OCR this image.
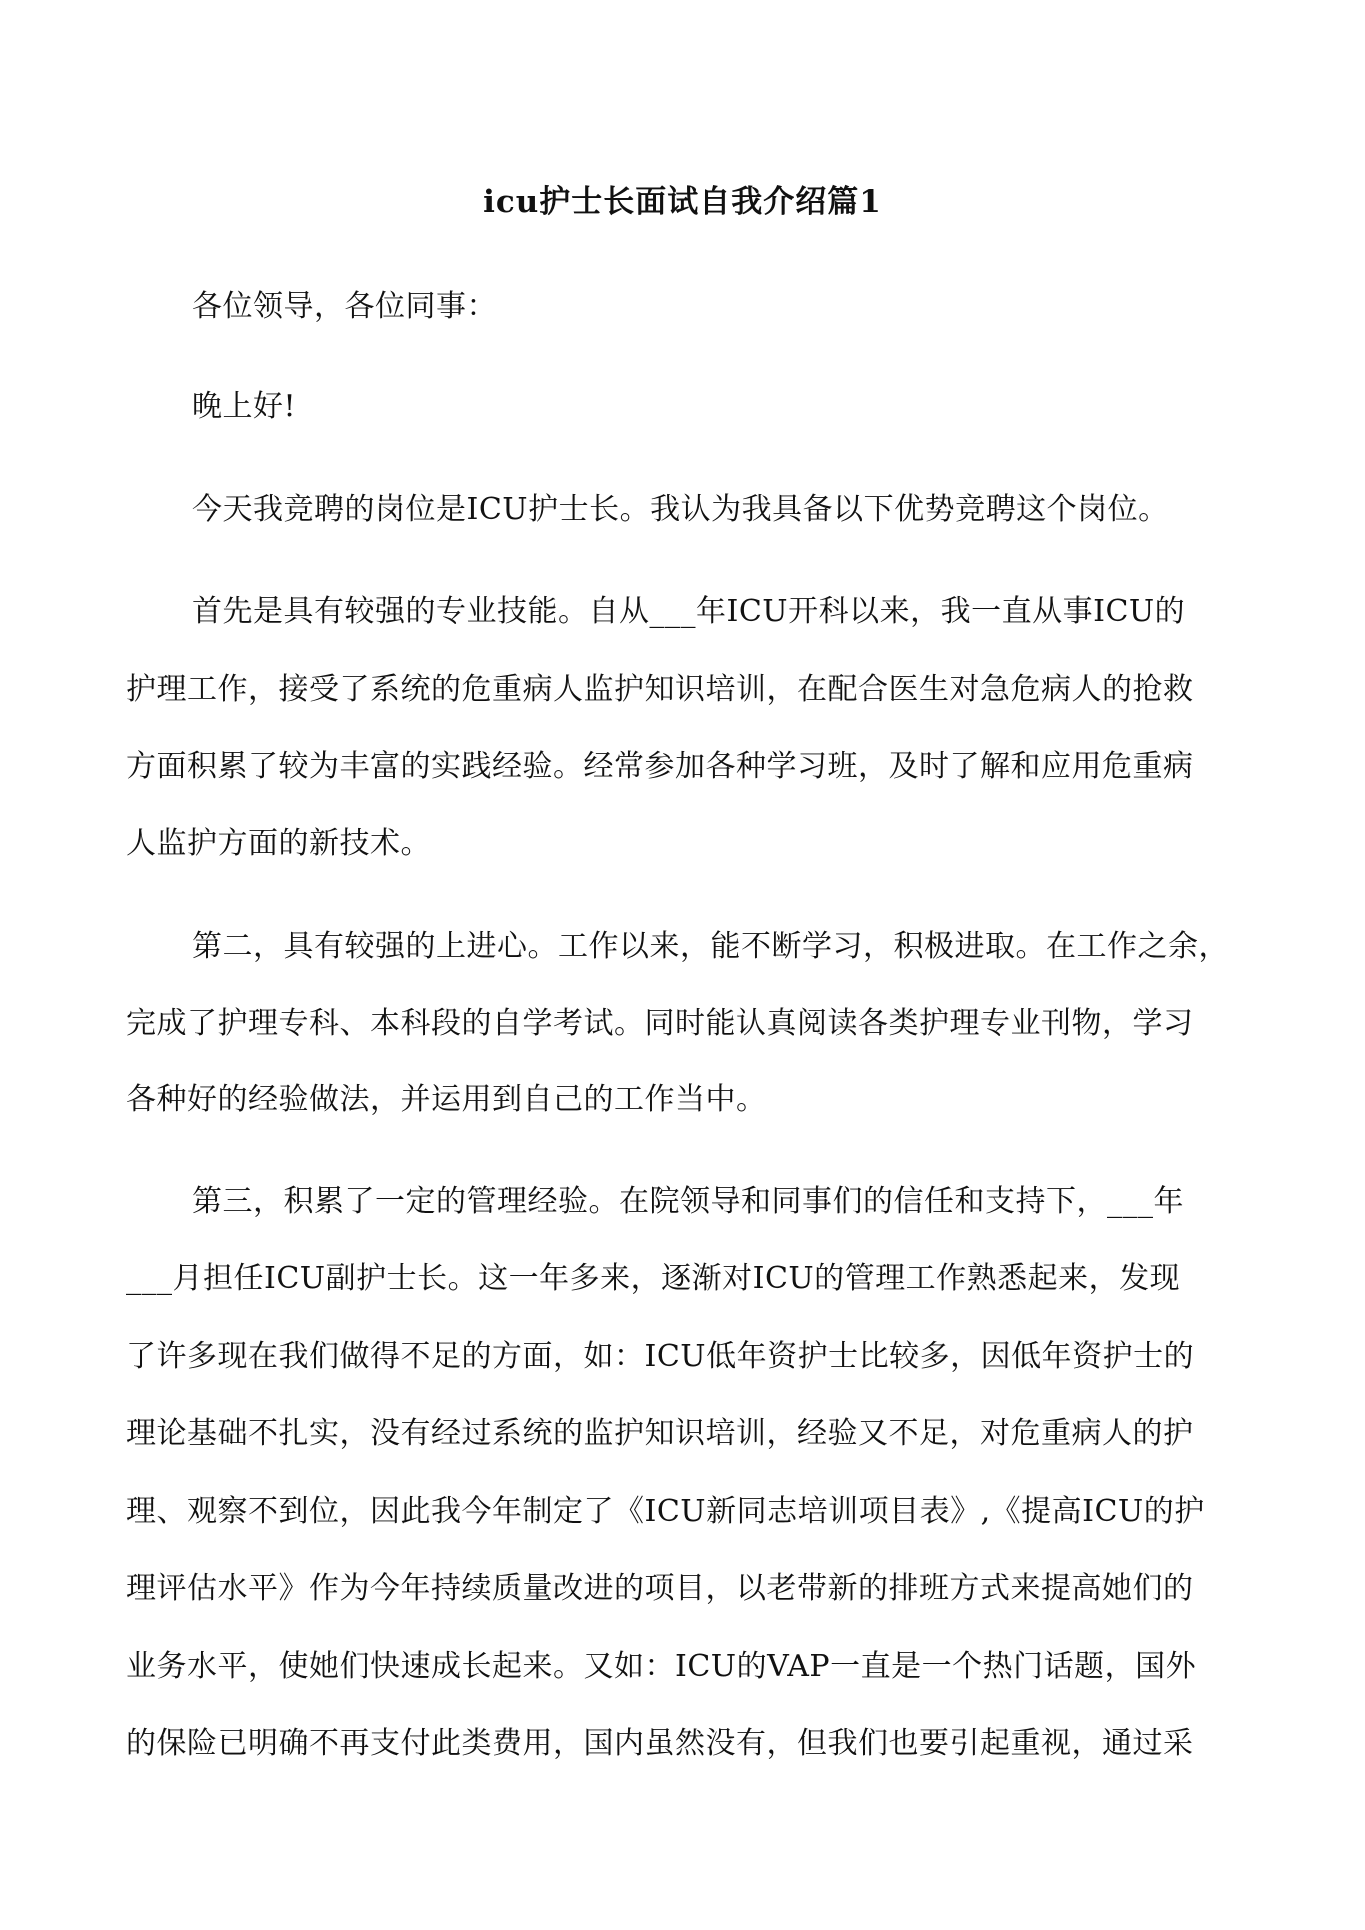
icu护士长面试自我介绍篇1
各位领导，各位同事：
晚上好!
今天我竞聘的岗位是ICU护士长。我认为我具备以下优势竞聘这个岗位。
首先是具有较强的专业技能。自从___年ICU开科以来，我一直从事ICU的
护理工作，接受了系统的危重病人监护知识培训，在配合医生对急危病人的抢救
方面积累了较为丰富的实践经验。经常参加各种学习班，及时了解和应用危重病
人监护方面的新技术。
第二，具有较强的上进心。工作以来，能不断学习，积极进取。在工作之余，
完成了护理专科、本科段的自学考试。同时能认真阅读各类护理专业刊物，学习
各种好的经验做法，并运用到自己的工作当中。
第三，积累了一定的管理经验。在院领导和同事们的信任和支持下，___年
___月担任ICU副护士长。这一年多来，逐渐对ICU的管理工作熟悉起来，发现
了许多现在我们做得不足的方面，如：ICU低年资护士比较多，因低年资护士的
理论基础不扎实，没有经过系统的监护知识培训，经验又不足，对危重病人的护
理、观察不到位，因此我今年制定了《ICU新同志培训项目表》,《提高ICU的护
理评估水平》作为今年持续质量改进的项目，以老带新的排班方式来提高她们的
业务水平，使她们快速成长起来。又如：ICU的VAP一直是一个热门话题，国外
的保险已明确不再支付此类费用，国内虽然没有，但我们也要引起重视，通过采
